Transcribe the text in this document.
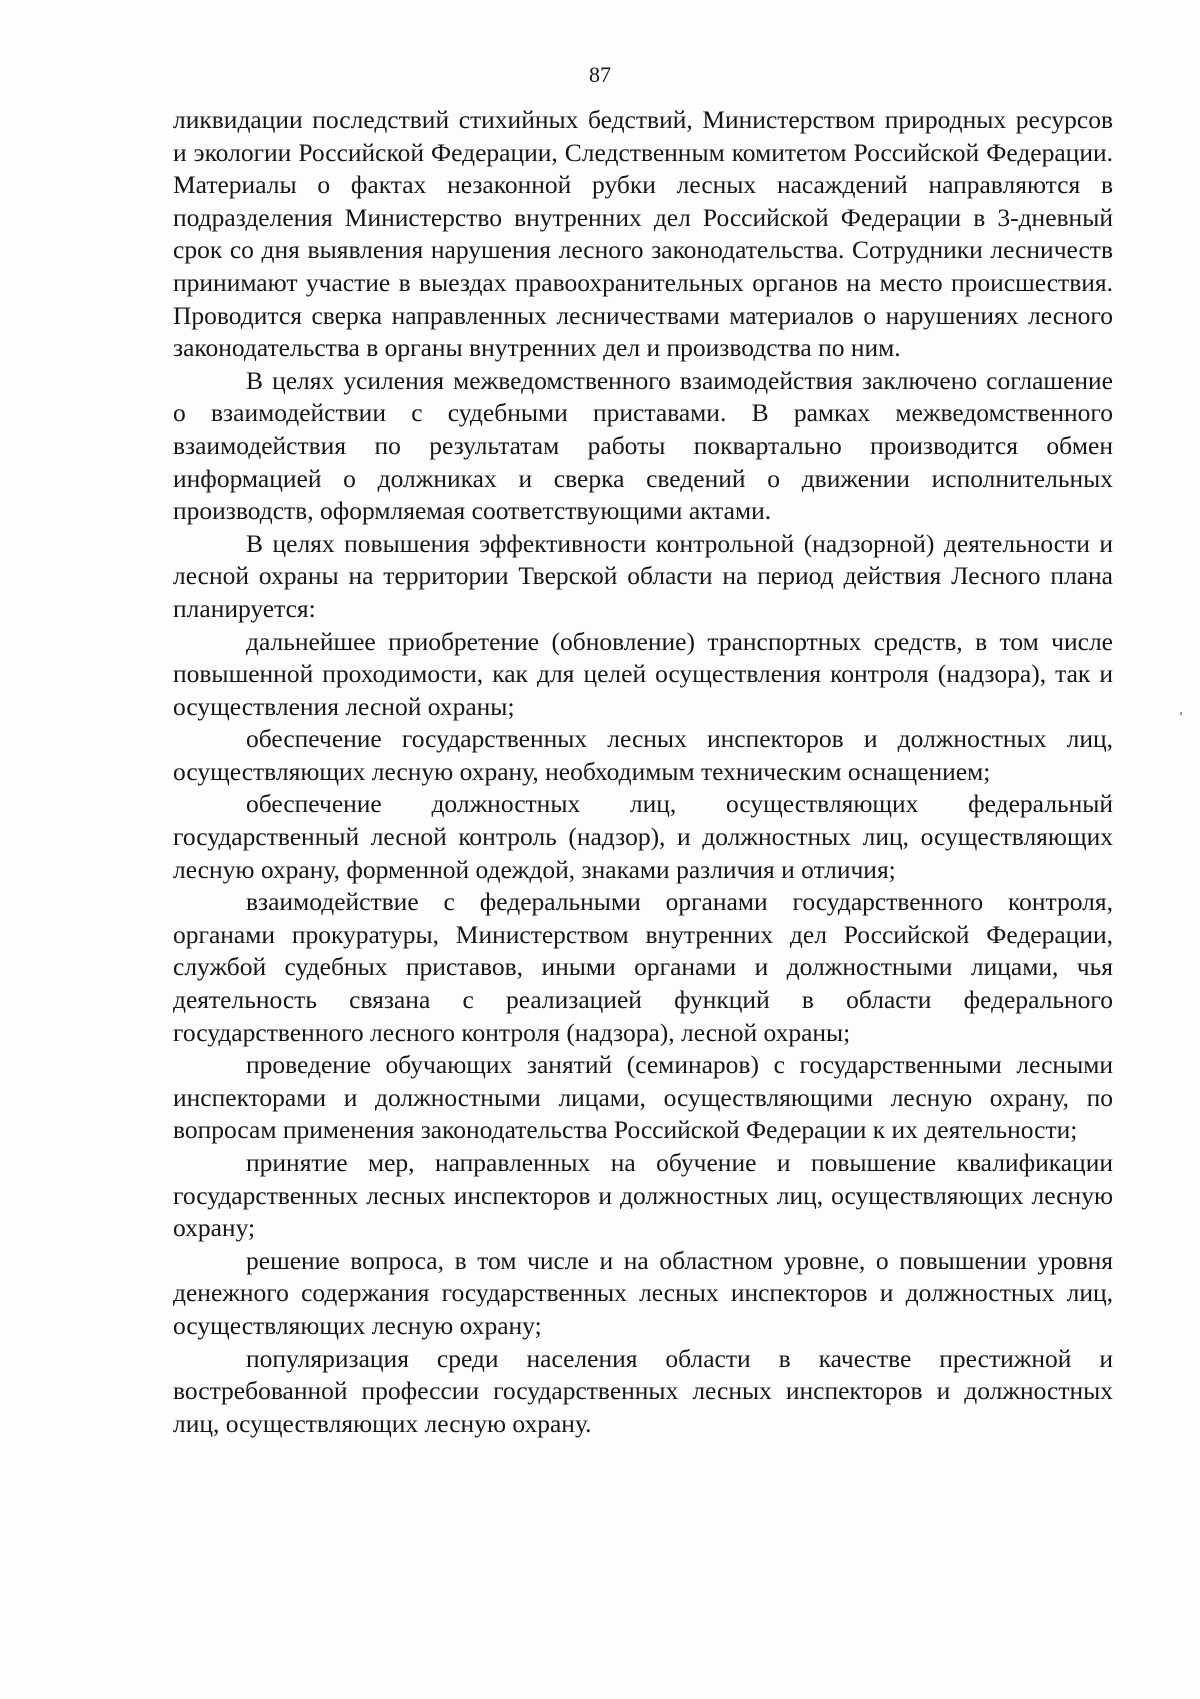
87

ликвидации последствий стихийных бедствий, Министерством природных ресурсов и экологии Российской Федерации, Следственным комитетом Российской Федерации. Материалы о фактах незаконной рубки лесных насаждений направляются в подразделения Министерство внутренних дел Российской Федерации в 3-дневный срок со дня выявления нарушения лесного законодательства. Сотрудники лесничеств принимают участие в выездах правоохранительных органов на место происшествия. Проводится сверка направленных лесничествами материалов о нарушениях лесного законодательства в органы внутренних дел и производства по ним.

В целях усиления межведомственного взаимодействия заключено соглашение о взаимодействии с судебными приставами. В рамках межведомственного взаимодействия по результатам работы поквартально производится обмен информацией о должниках и сверка сведений о движении исполнительных производств, оформляемая соответствующими актами.

В целях повышения эффективности контрольной (надзорной) деятельности и лесной охраны на территории Тверской области на период действия Лесного плана планируется:

дальнейшее приобретение (обновление) транспортных средств, в том числе повышенной проходимости, как для целей осуществления контроля (надзора), так и осуществления лесной охраны;

обеспечение государственных лесных инспекторов и должностных лиц, осуществляющих лесную охрану, необходимым техническим оснащением;

обеспечение должностных лиц, осуществляющих федеральный государственный лесной контроль (надзор), и должностных лиц, осуществляющих лесную охрану, форменной одеждой, знаками различия и отличия;

взаимодействие с федеральными органами государственного контроля, органами прокуратуры, Министерством внутренних дел Российской Федерации, службой судебных приставов, иными органами и должностными лицами, чья деятельность связана с реализацией функций в области федерального государственного лесного контроля (надзора), лесной охраны;

проведение обучающих занятий (семинаров) с государственными лесными инспекторами и должностными лицами, осуществляющими лесную охрану, по вопросам применения законодательства Российской Федерации к их деятельности;

принятие мер, направленных на обучение и повышение квалификации государственных лесных инспекторов и должностных лиц, осуществляющих лесную охрану;

решение вопроса, в том числе и на областном уровне, о повышении уровня денежного содержания государственных лесных инспекторов и должностных лиц, осуществляющих лесную охрану;

популяризация среди населения области в качестве престижной и востребованной профессии государственных лесных инспекторов и должностных лиц, осуществляющих лесную охрану.
